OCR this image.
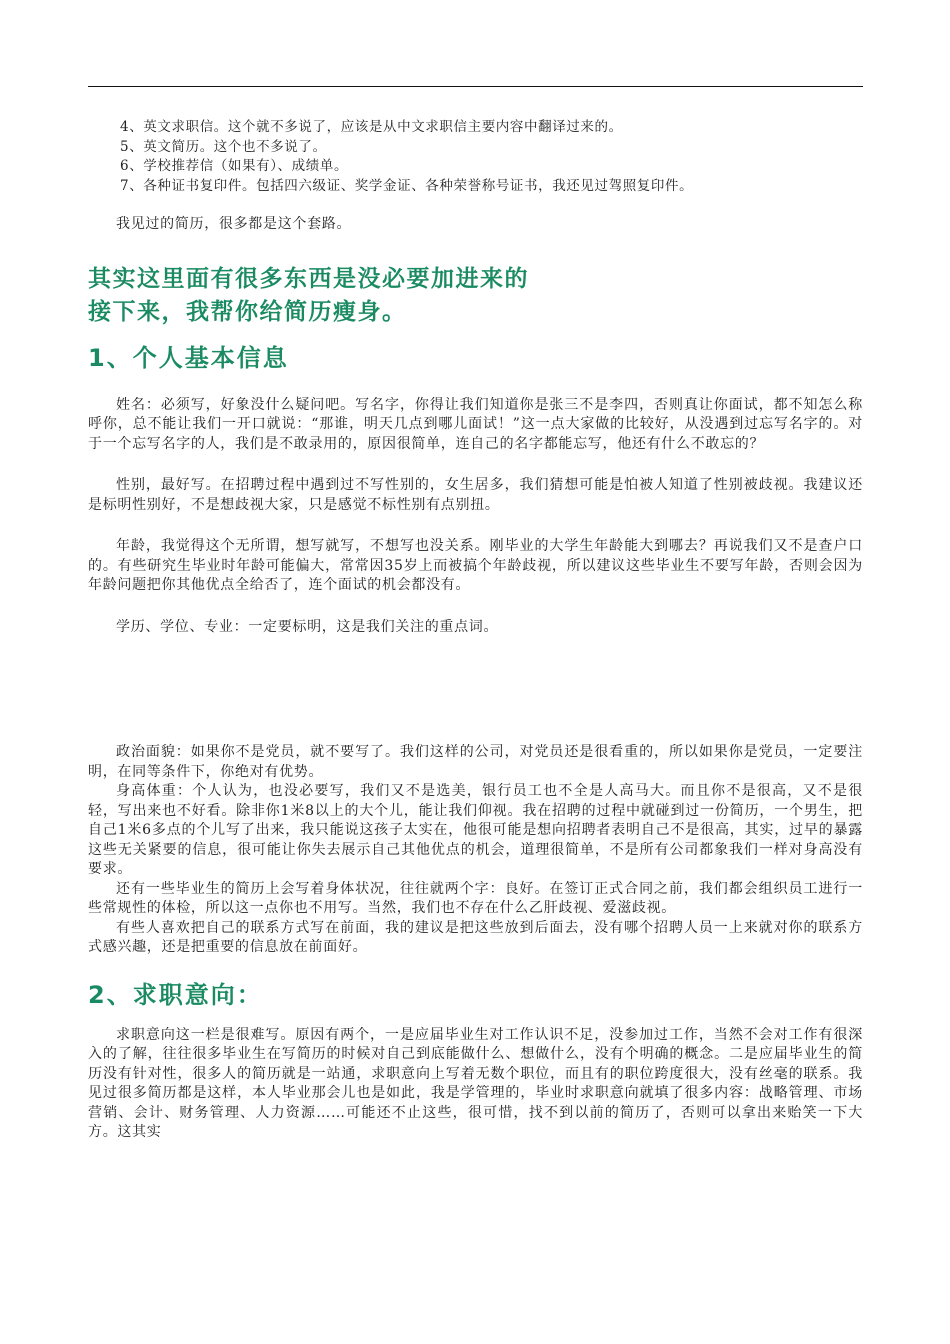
4、英文求职信。这个就不多说了，应该是从中文求职信主要内容中翻译过来的。
5、英文简历。这个也不多说了。
6、学校推荐信（如果有）、成绩单。
7、各种证书复印件。包括四六级证、奖学金证、各种荣誉称号证书，我还见过驾照复印件。

我见过的简历，很多都是这个套路。

其实这里面有很多东西是没必要加进来的
接下来，我帮你给简历瘦身。
1、个人基本信息

姓名：必须写，好象没什么疑问吧。写名字，你得让我们知道你是张三不是李四，否则真让你面试，都不知怎么称呼你，总不能让我们一开口就说：“那谁，明天几点到哪儿面试！”这一点大家做的比较好，从没遇到过忘写名字的。对于一个忘写名字的人，我们是不敢录用的，原因很简单，连自己的名字都能忘写，他还有什么不敢忘的？

性别，最好写。在招聘过程中遇到过不写性别的，女生居多，我们猜想可能是怕被人知道了性别被歧视。我建议还是标明性别好，不是想歧视大家，只是感觉不标性别有点别扭。

年龄，我觉得这个无所谓，想写就写，不想写也没关系。刚毕业的大学生年龄能大到哪去？再说我们又不是查户口的。有些研究生毕业时年龄可能偏大，常常因35岁上而被搞个年龄歧视，所以建议这些毕业生不要写年龄，否则会因为年龄问题把你其他优点全给否了，连个面试的机会都没有。

学历、学位、专业：一定要标明，这是我们关注的重点词。

政治面貌：如果你不是党员，就不要写了。我们这样的公司，对党员还是很看重的，所以如果你是党员，一定要注明，在同等条件下，你绝对有优势。

身高体重：个人认为，也没必要写，我们又不是选美，银行员工也不全是人高马大。而且你不是很高，又不是很轻，写出来也不好看。除非你1米8以上的大个儿，能让我们仰视。我在招聘的过程中就碰到过一份简历，一个男生，把自己1米6多点的个儿写了出来，我只能说这孩子太实在，他很可能是想向招聘者表明自己不是很高，其实，过早的暴露这些无关紧要的信息，很可能让你失去展示自己其他优点的机会，道理很简单，不是所有公司都象我们一样对身高没有要求。

还有一些毕业生的简历上会写着身体状况，往往就两个字：良好。在签订正式合同之前，我们都会组织员工进行一些常规性的体检，所以这一点你也不用写。当然，我们也不存在什么乙肝歧视、爱滋歧视。

有些人喜欢把自己的联系方式写在前面，我的建议是把这些放到后面去，没有哪个招聘人员一上来就对你的联系方式感兴趣，还是把重要的信息放在前面好。

2、求职意向：

求职意向这一栏是很难写。原因有两个，一是应届毕业生对工作认识不足，没参加过工作，当然不会对工作有很深入的了解，往往很多毕业生在写简历的时候对自己到底能做什么、想做什么，没有个明确的概念。二是应届毕业生的简历没有针对性，很多人的简历就是一站通，求职意向上写着无数个职位，而且有的职位跨度很大，没有丝毫的联系。我见过很多简历都是这样，本人毕业那会儿也是如此，我是学管理的，毕业时求职意向就填了很多内容：战略管理、市场营销、会计、财务管理、人力资源……可能还不止这些，很可惜，找不到以前的简历了，否则可以拿出来贻笑一下大方。这其实
